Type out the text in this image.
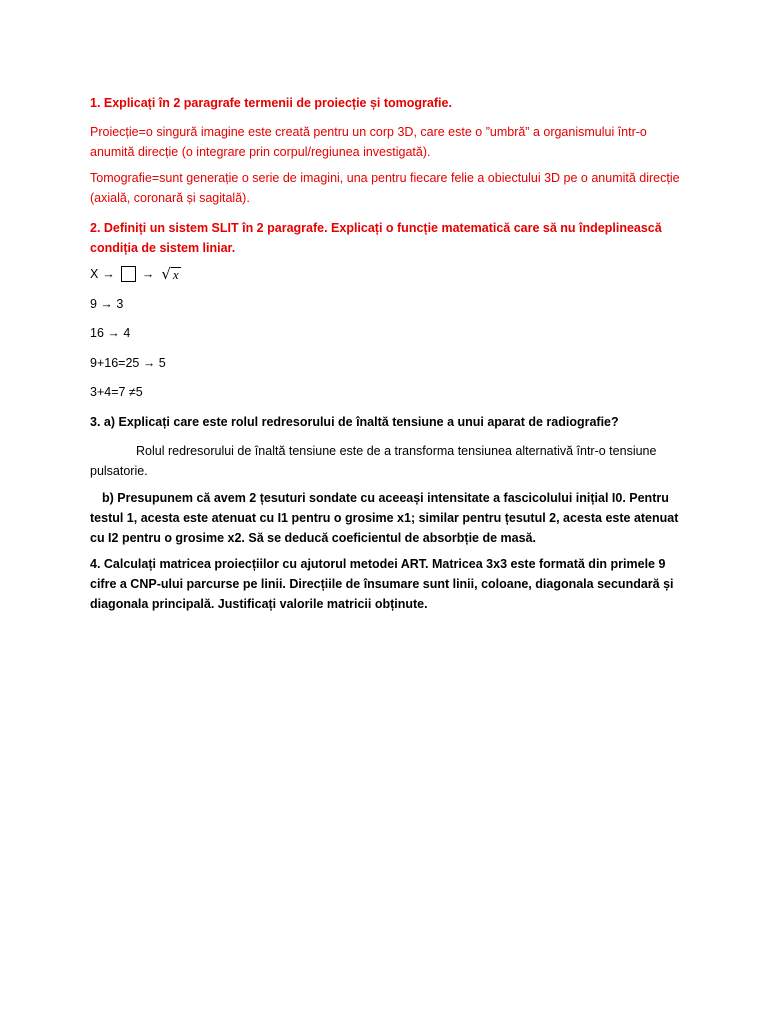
1. Explicați în 2 paragrafe termenii de proiecție și tomografie.

Proiecție=o singură imagine este creată pentru un corp 3D, care este o ”umbră” a organismului într-o anumită direcție (o integrare prin corpul/regiunea investigată).

Tomografie=sunt generație o serie de imagini, una pentru fiecare felie a obiectului 3D pe o anumită direcție (axială, coronară și sagitală).

2. Definiți un sistem SLIT în 2 paragrafe. Explicați o funcție matematică care să nu îndeplinească condiția de sistem liniar.

X → → √ x
9 → 3
16 → 4
9+16=25 → 5
3+4=7 ≠5

3. a) Explicați care este rolul redresorului de înaltă tensiune a unui aparat de radiografie?

Rolul redresorului de înaltă tensiune este de a transforma tensiunea alternativă într-o tensiune pulsatorie.

b) Presupunem că avem 2 țesuturi sondate cu aceeași intensitate a fascicolului inițial I0. Pentru testul 1, acesta este atenuat cu I1 pentru o grosime x1; similar pentru țesutul 2, acesta este atenuat cu I2 pentru o grosime x2. Să se deducă coeficientul de absorbție de masă.

4. Calculați matricea proiecțiilor cu ajutorul metodei ART. Matricea 3x3 este formată din primele 9 cifre a CNP-ului parcurse pe linii. Direcțiile de însumare sunt linii, coloane, diagonala secundară și diagonala principală. Justificați valorile matricii obținute.
